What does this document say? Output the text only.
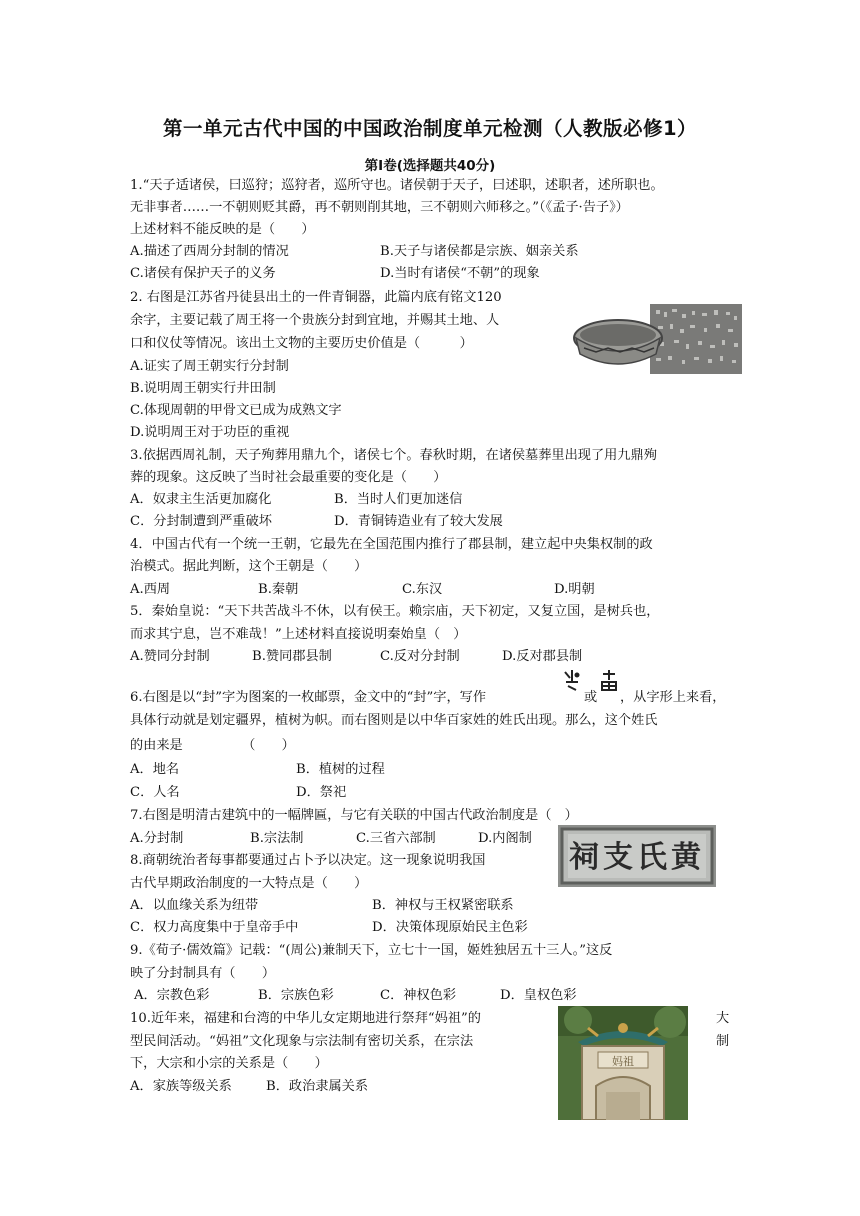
第一单元古代中国的中国政治制度单元检测（人教版必修1）
第Ⅰ卷(选择题共40分)
1.“天子适诸侯，曰巡狩；巡狩者，巡所守也。诸侯朝于天子，曰述职，述职者，述所职也。
无非事者……一不朝则贬其爵，再不朝则削其地，三不朝则六师移之。”（《孟子·告子》）
上述材料不能反映的是（　　）
A.描述了西周分封制的情况	B.天子与诸侯都是宗族、姻亲关系
C.诸侯有保护天子的义务	D.当时有诸侯“不朝”的现象
2. 右图是江苏省丹徒县出土的一件青铜器，此篇内底有铭文120
余字，主要记载了周王将一个贵族分封到宜地，并赐其土地、人
口和仪仗等情况。该出土文物的主要历史价值是（　　　）
A.证实了周王朝实行分封制
B.说明周王朝实行井田制
C.体现周朝的甲骨文已成为成熟文字
D.说明周王对于功臣的重视
3.依据西周礼制，天子殉葬用鼎九个，诸侯七个。春秋时期，在诸侯墓葬里出现了用九鼎殉
葬的现象。这反映了当时社会最重要的变化是（　　）
A．奴隶主生活更加腐化	B．当时人们更加迷信
C．分封制遭到严重破坏	D．青铜铸造业有了较大发展
4．中国古代有一个统一王朝，它最先在全国范围内推行了郡县制，建立起中央集权制的政
治模式。据此判断，这个王朝是（　　）
A.西周	B.秦朝	C.东汉	D.明朝
5．秦始皇说：“天下共苦战斗不休，以有侯王。赖宗庙，天下初定，又复立国，是树兵也，
而求其宁息，岂不难哉！”上述材料直接说明秦始皇（　）
A.赞同分封制	B.赞同郡县制	C.反对分封制	D.反对郡县制
6.右图是以“封”字为图案的一枚邮票，金文中的“封”字，写作	或 ，从字形上来看，
具体行动就是划定疆界，植树为帜。而右图则是以中华百家姓的姓氏出现。那么，这个姓氏
的由来是　　　　　（　　）
A．地名	B．植树的过程
C．人名	D．祭祀
7.右图是明清古建筑中的一幅牌匾，与它有关联的中国古代政治制度是（　）
A.分封制	B.宗法制	C.三省六部制	D.内阁制
祠支氏黄
8.商朝统治者每事都要通过占卜予以决定。这一现象说明我国
古代早期政治制度的一大特点是（　　）
A．以血缘关系为纽带	B．神权与王权紧密联系
C．权力高度集中于皇帝手中	D．决策体现原始民主色彩
9.《荀子·儒效篇》记载：“(周公)兼制天下，立七十一国，姬姓独居五十三人。”这反
映了分封制具有（　　）
A．宗教色彩	B．宗族色彩	C．神权色彩	D．皇权色彩
10.近年来，福建和台湾的中华儿女定期地进行祭拜“妈祖”的	大
型民间活动。“妈祖”文化现象与宗法制有密切关系，在宗法	制
下，大宗和小宗的关系是（　　）
A．家族等级关系	B．政治隶属关系
妈祖
